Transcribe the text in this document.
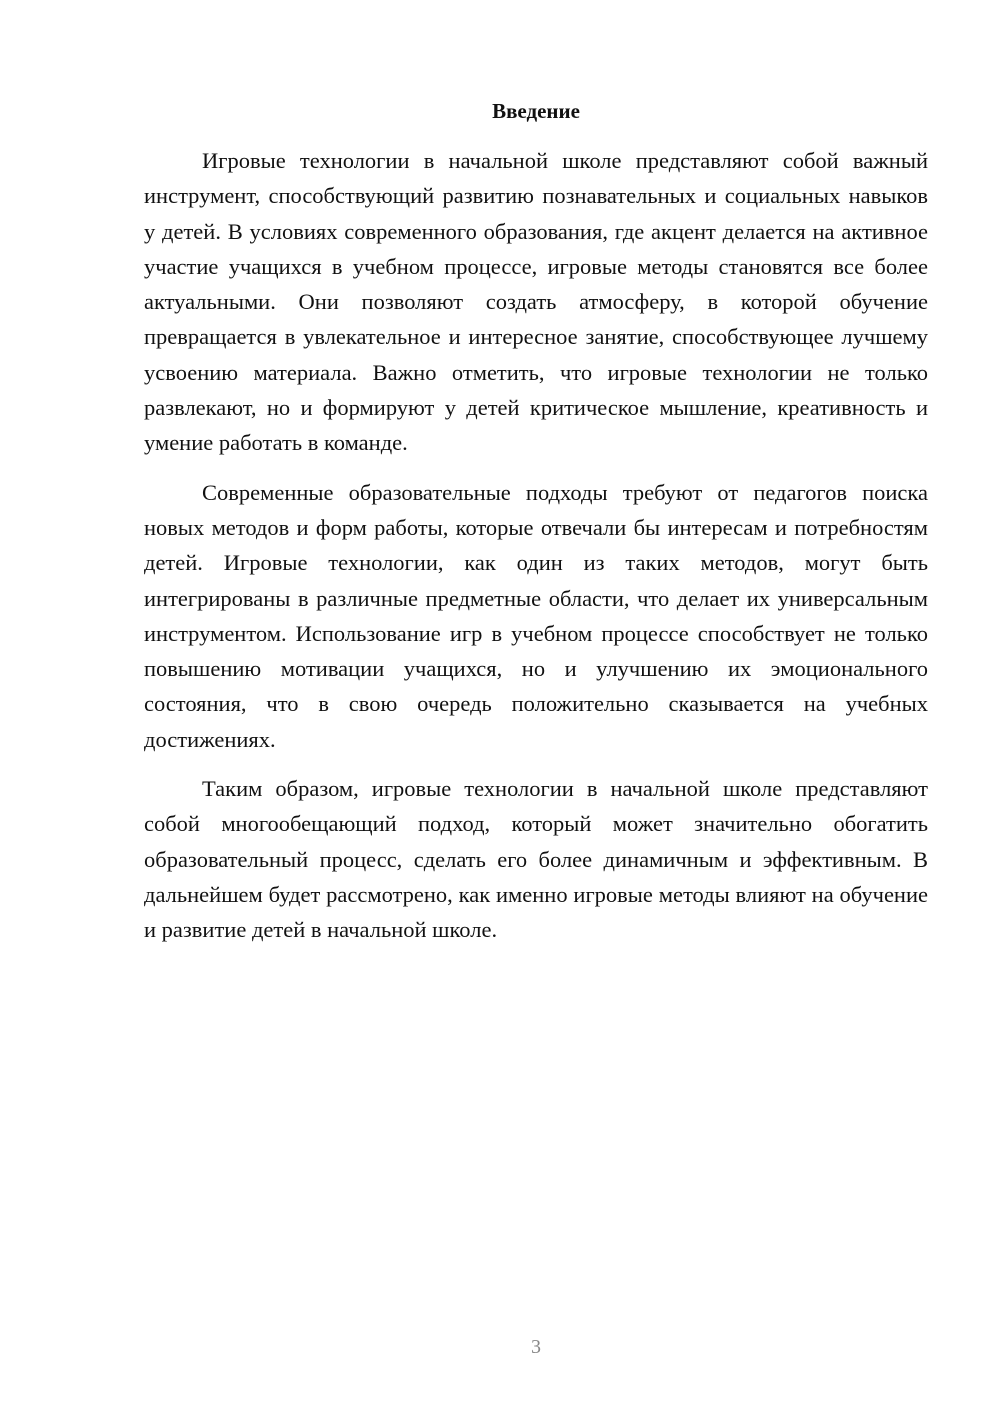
Введение

Игровые технологии в начальной школе представляют собой важный инструмент, способствующий развитию познавательных и социальных навыков у детей. В условиях современного образования, где акцент делается на активное участие учащихся в учебном процессе, игровые методы становятся все более актуальными. Они позволяют создать атмосферу, в которой обучение превращается в увлекательное и интересное занятие, способствующее лучшему усвоению материала. Важно отметить, что игровые технологии не только развлекают, но и формируют у детей критическое мышление, креативность и умение работать в команде.

Современные образовательные подходы требуют от педагогов поиска новых методов и форм работы, которые отвечали бы интересам и потребностям детей. Игровые технологии, как один из таких методов, могут быть интегрированы в различные предметные области, что делает их универсальным инструментом. Использование игр в учебном процессе способствует не только повышению мотивации учащихся, но и улучшению их эмоционального состояния, что в свою очередь положительно сказывается на учебных достижениях.

Таким образом, игровые технологии в начальной школе представляют собой многообещающий подход, который может значительно обогатить образовательный процесс, сделать его более динамичным и эффективным. В дальнейшем будет рассмотрено, как именно игровые методы влияют на обучение и развитие детей в начальной школе.

3
